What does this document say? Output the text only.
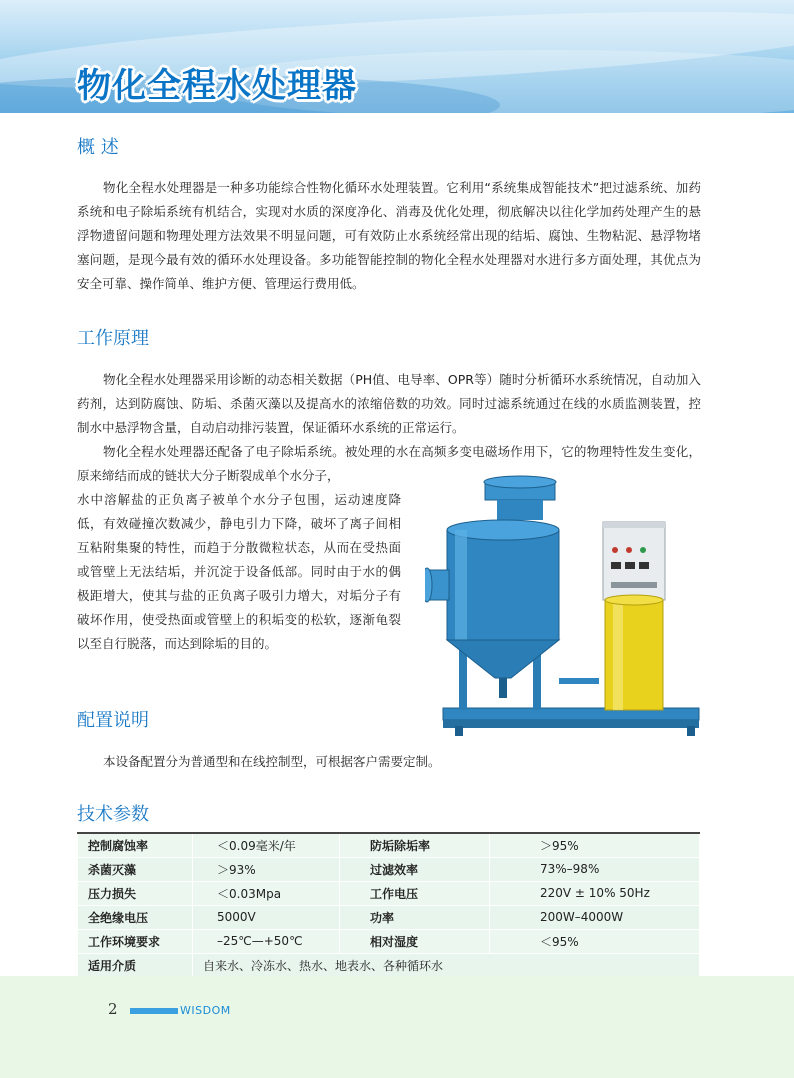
物化全程水处理器
概 述

物化全程水处理器是一种多功能综合性物化循环水处理装置。它利用“系统集成智能技术”把过滤系统、加药系统和电子除垢系统有机结合，实现对水质的深度净化、消毒及优化处理，彻底解决以往化学加药处理产生的悬浮物遗留问题和物理处理方法效果不明显问题，可有效防止水系统经常出现的结垢、腐蚀、生物粘泥、悬浮物堵塞问题，是现今最有效的循环水处理设备。多功能智能控制的物化全程水处理器对水进行多方面处理，其优点为安全可靠、操作简单、维护方便、管理运行费用低。

工作原理

物化全程水处理器采用诊断的动态相关数据（PH值、电导率、OPR等）随时分析循环水系统情况，自动加入药剂，达到防腐蚀、防垢、杀菌灭藻以及提高水的浓缩倍数的功效。同时过滤系统通过在线的水质监测装置，控制水中悬浮物含量，自动启动排污装置，保证循环水系统的正常运行。

物化全程水处理器还配备了电子除垢系统。被处理的水在高频多变电磁场作用下，它的物理特性发生变化，原来缔结而成的链状大分子断裂成单个水分子，

水中溶解盐的正负离子被单个水分子包围，运动速度降低，有效碰撞次数减少，静电引力下降，破坏了离子间相互粘附集聚的特性，而趋于分散微粒状态，从而在受热面或管壁上无法结垢，并沉淀于设备低部。同时由于水的偶极距增大，使其与盐的正负离子吸引力增大，对垢分子有破坏作用，使受热面或管壁上的积垢变的松软，逐渐龟裂以至自行脱落，而达到除垢的目的。

配置说明

本设备配置分为普通型和在线控制型，可根据客户需要定制。

技术参数
控制腐蚀率	＜0.09毫米/年	防垢除垢率	＞95%
杀菌灭藻	＞93%	过滤效率	73%–98%
压力损失	＜0.03Mpa	工作电压	220V ± 10% 50Hz
全绝缘电压	5000V	功率	200W–4000W
工作环境要求	–25℃—+50℃	相对湿度	＜95%
适用介质	自来水、冷冻水、热水、地表水、各种循环水		
2	WISDOM
